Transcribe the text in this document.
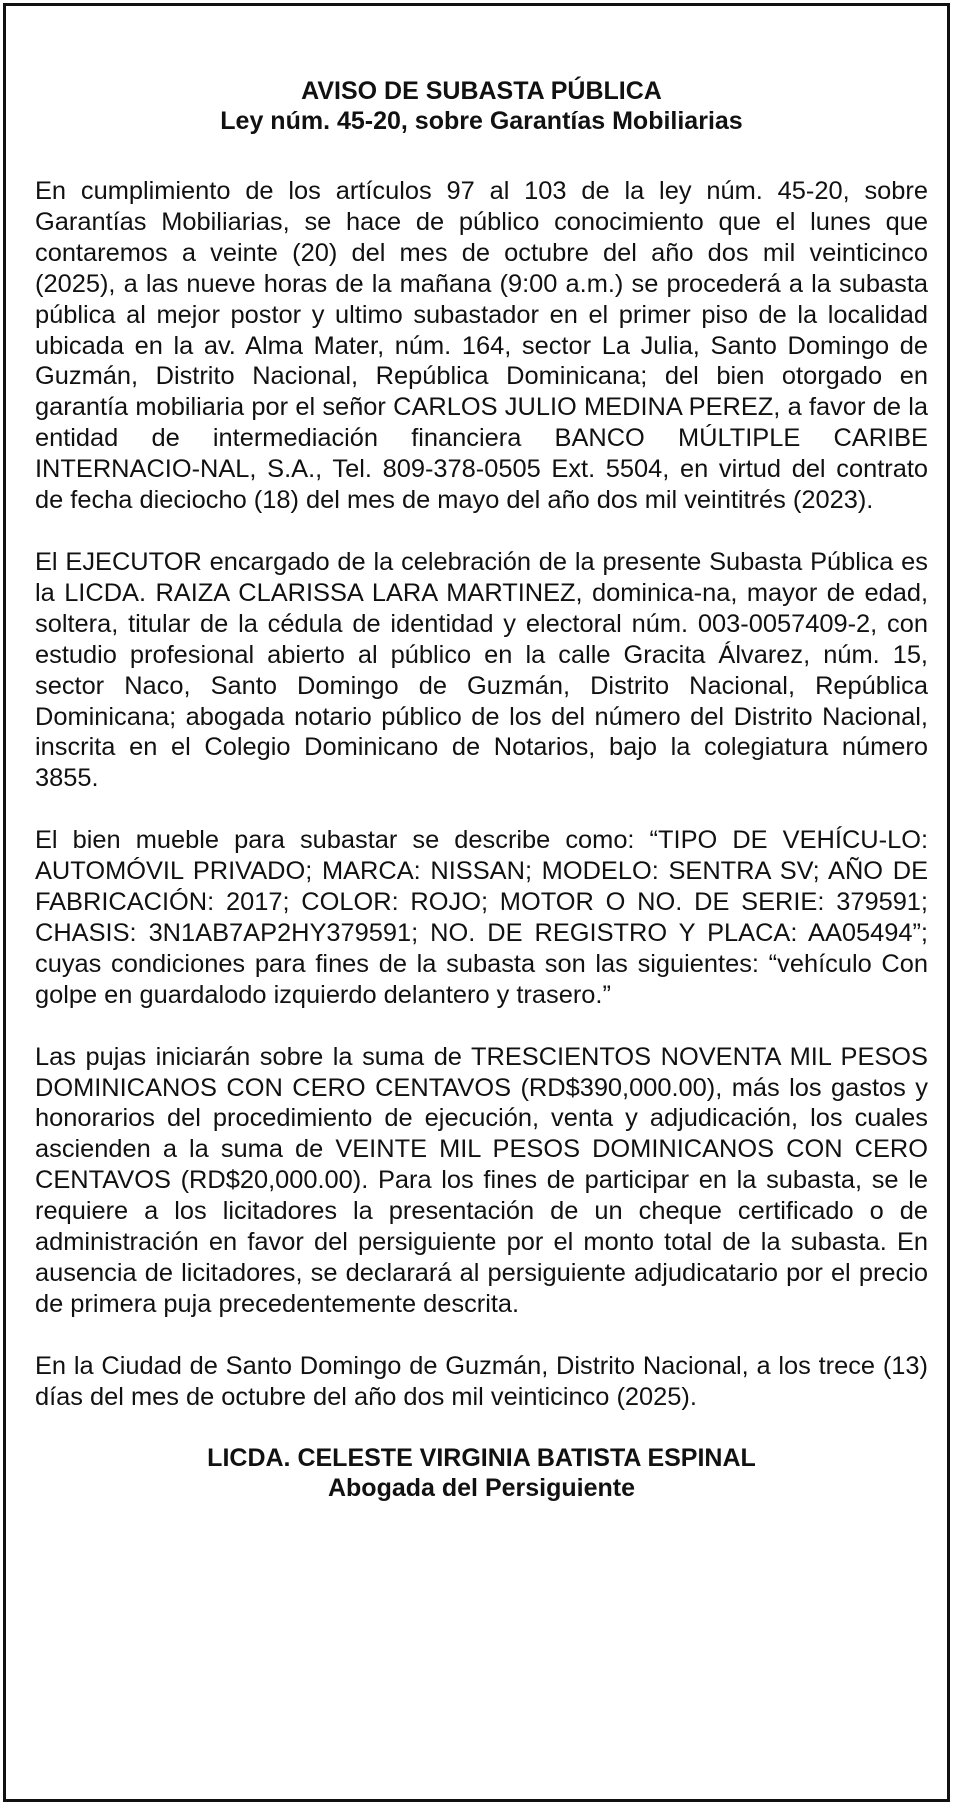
AVISO DE SUBASTA PÚBLICA
Ley núm. 45-20, sobre Garantías Mobiliarias

En cumplimiento de los artículos 97 al 103 de la ley núm. 45-20, sobre Garantías Mobiliarias, se hace de público conocimiento que el lunes que contaremos a veinte (20) del mes de octubre del año dos mil veinticinco (2025), a las nueve horas de la mañana (9:00 a.m.) se procederá a la subasta pública al mejor postor y ultimo subastador en el primer piso de la localidad ubicada en la av. Alma Mater, núm. 164, sector La Julia, Santo Domingo de Guzmán, Distrito Nacional, República Dominicana; del bien otorgado en garantía mobiliaria por el señor CARLOS JULIO MEDINA PEREZ, a favor de la entidad de intermediación financiera BANCO MÚLTIPLE CARIBE INTERNACIO-NAL, S.A., Tel. 809-378-0505 Ext. 5504, en virtud del contrato de fecha dieciocho (18) del mes de mayo del año dos mil veintitrés (2023).

El EJECUTOR encargado de la celebración de la presente Subasta Pública es la LICDA. RAIZA CLARISSA LARA MARTINEZ, dominica-na, mayor de edad, soltera, titular de la cédula de identidad y electoral núm. 003-0057409-2, con estudio profesional abierto al público en la calle Gracita Álvarez, núm. 15, sector Naco, Santo Domingo de Guzmán, Distrito Nacional, República Dominicana; abogada notario público de los del número del Distrito Nacional, inscrita en el Colegio Dominicano de Notarios, bajo la colegiatura número 3855.

El bien mueble para subastar se describe como: “TIPO DE VEHÍCU-LO: AUTOMÓVIL PRIVADO; MARCA: NISSAN; MODELO: SENTRA SV; AÑO DE FABRICACIÓN: 2017; COLOR: ROJO; MOTOR O NO. DE SERIE: 379591; CHASIS: 3N1AB7AP2HY379591; NO. DE REGISTRO Y PLACA: AA05494”; cuyas condiciones para fines de la subasta son las siguientes: “vehículo Con golpe en guardalodo izquierdo delantero y trasero.”

Las pujas iniciarán sobre la suma de TRESCIENTOS NOVENTA MIL PESOS DOMINICANOS CON CERO CENTAVOS (RD$390,000.00), más los gastos y honorarios del procedimiento de ejecución, venta y adjudicación, los cuales ascienden a la suma de VEINTE MIL PESOS DOMINICANOS CON CERO CENTAVOS (RD$20,000.00). Para los fines de participar en la subasta, se le requiere a los licitadores la presentación de un cheque certificado o de administración en favor del persiguiente por el monto total de la subasta. En ausencia de licitadores, se declarará al persiguiente adjudicatario por el precio de primera puja precedentemente descrita.

En la Ciudad de Santo Domingo de Guzmán, Distrito Nacional, a los trece (13) días del mes de octubre del año dos mil veinticinco (2025).

LICDA. CELESTE VIRGINIA BATISTA ESPINAL
Abogada del Persiguiente
